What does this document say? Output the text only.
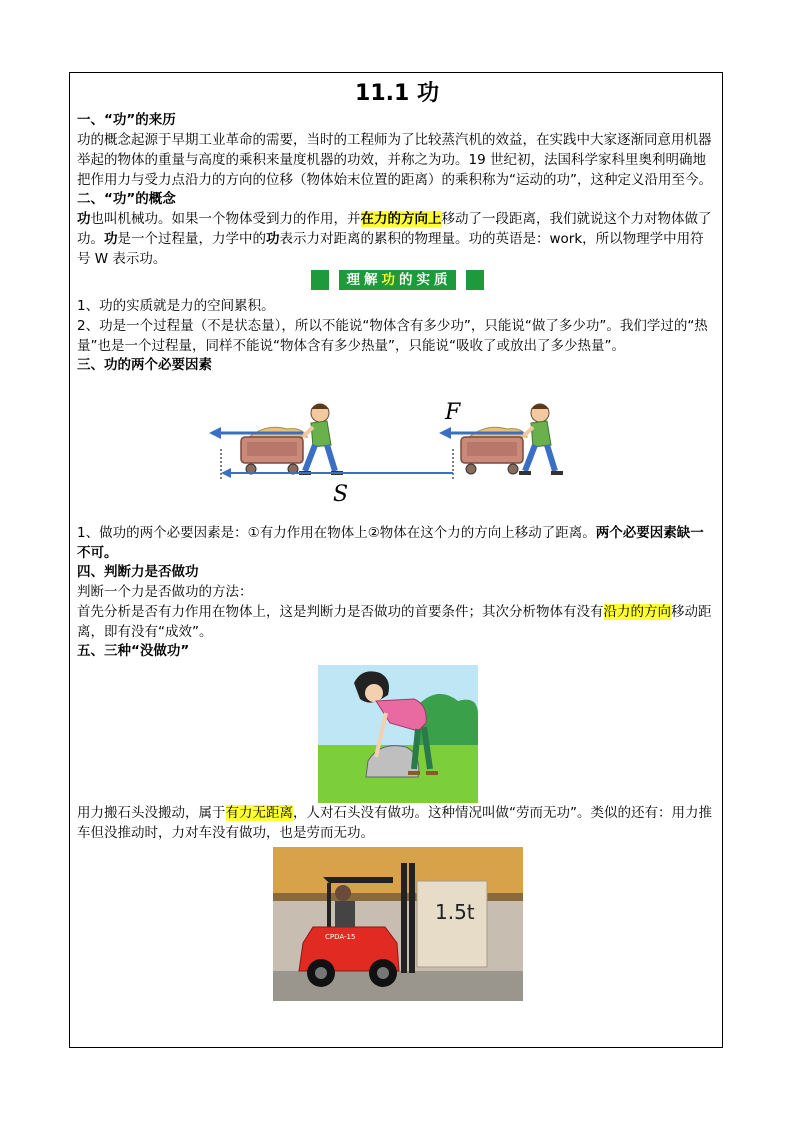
11.1 功
一、“功”的来历
功的概念起源于早期工业革命的需要，当时的工程师为了比较蒸汽机的效益，在实践中大家逐渐同意用机器举起的物体的重量与高度的乘积来量度机器的功效，并称之为功。19 世纪初，法国科学家科里奥利明确地把作用力与受力点沿力的方向的位移（物体始末位置的距离）的乘积称为“运动的功”，这种定义沿用至今。
二、“功”的概念
功也叫机械功。如果一个物体受到力的作用，并在力的方向上移动了一段距离，我们就说这个力对物体做了功。功是一个过程量，力学中的功表示力对距离的累积的物理量。功的英语是：work，所以物理学中用符号 W 表示功。
理解功的实质
1、功的实质就是力的空间累积。
2、功是一个过程量（不是状态量），所以不能说“物体含有多少功”，只能说“做了多少功”。我们学过的“热量”也是一个过程量，同样不能说“物体含有多少热量”，只能说“吸收了或放出了多少热量”。
三、功的两个必要因素
F
S
1、做功的两个必要因素是：①有力作用在物体上②物体在这个力的方向上移动了距离。两个必要因素缺一不可。
四、判断力是否做功
判断一个力是否做功的方法：
首先分析是否有力作用在物体上，这是判断力是否做功的首要条件；其次分析物体有没有沿力的方向移动距离，即有没有“成效”。
五、三种“没做功”
用力搬石头没搬动，属于有力无距离，人对石头没有做功。这种情况叫做“劳而无功”。类似的还有：用力推车但没推动时，力对车没有做功，也是劳而无功。
1.5t
CPDA-15
